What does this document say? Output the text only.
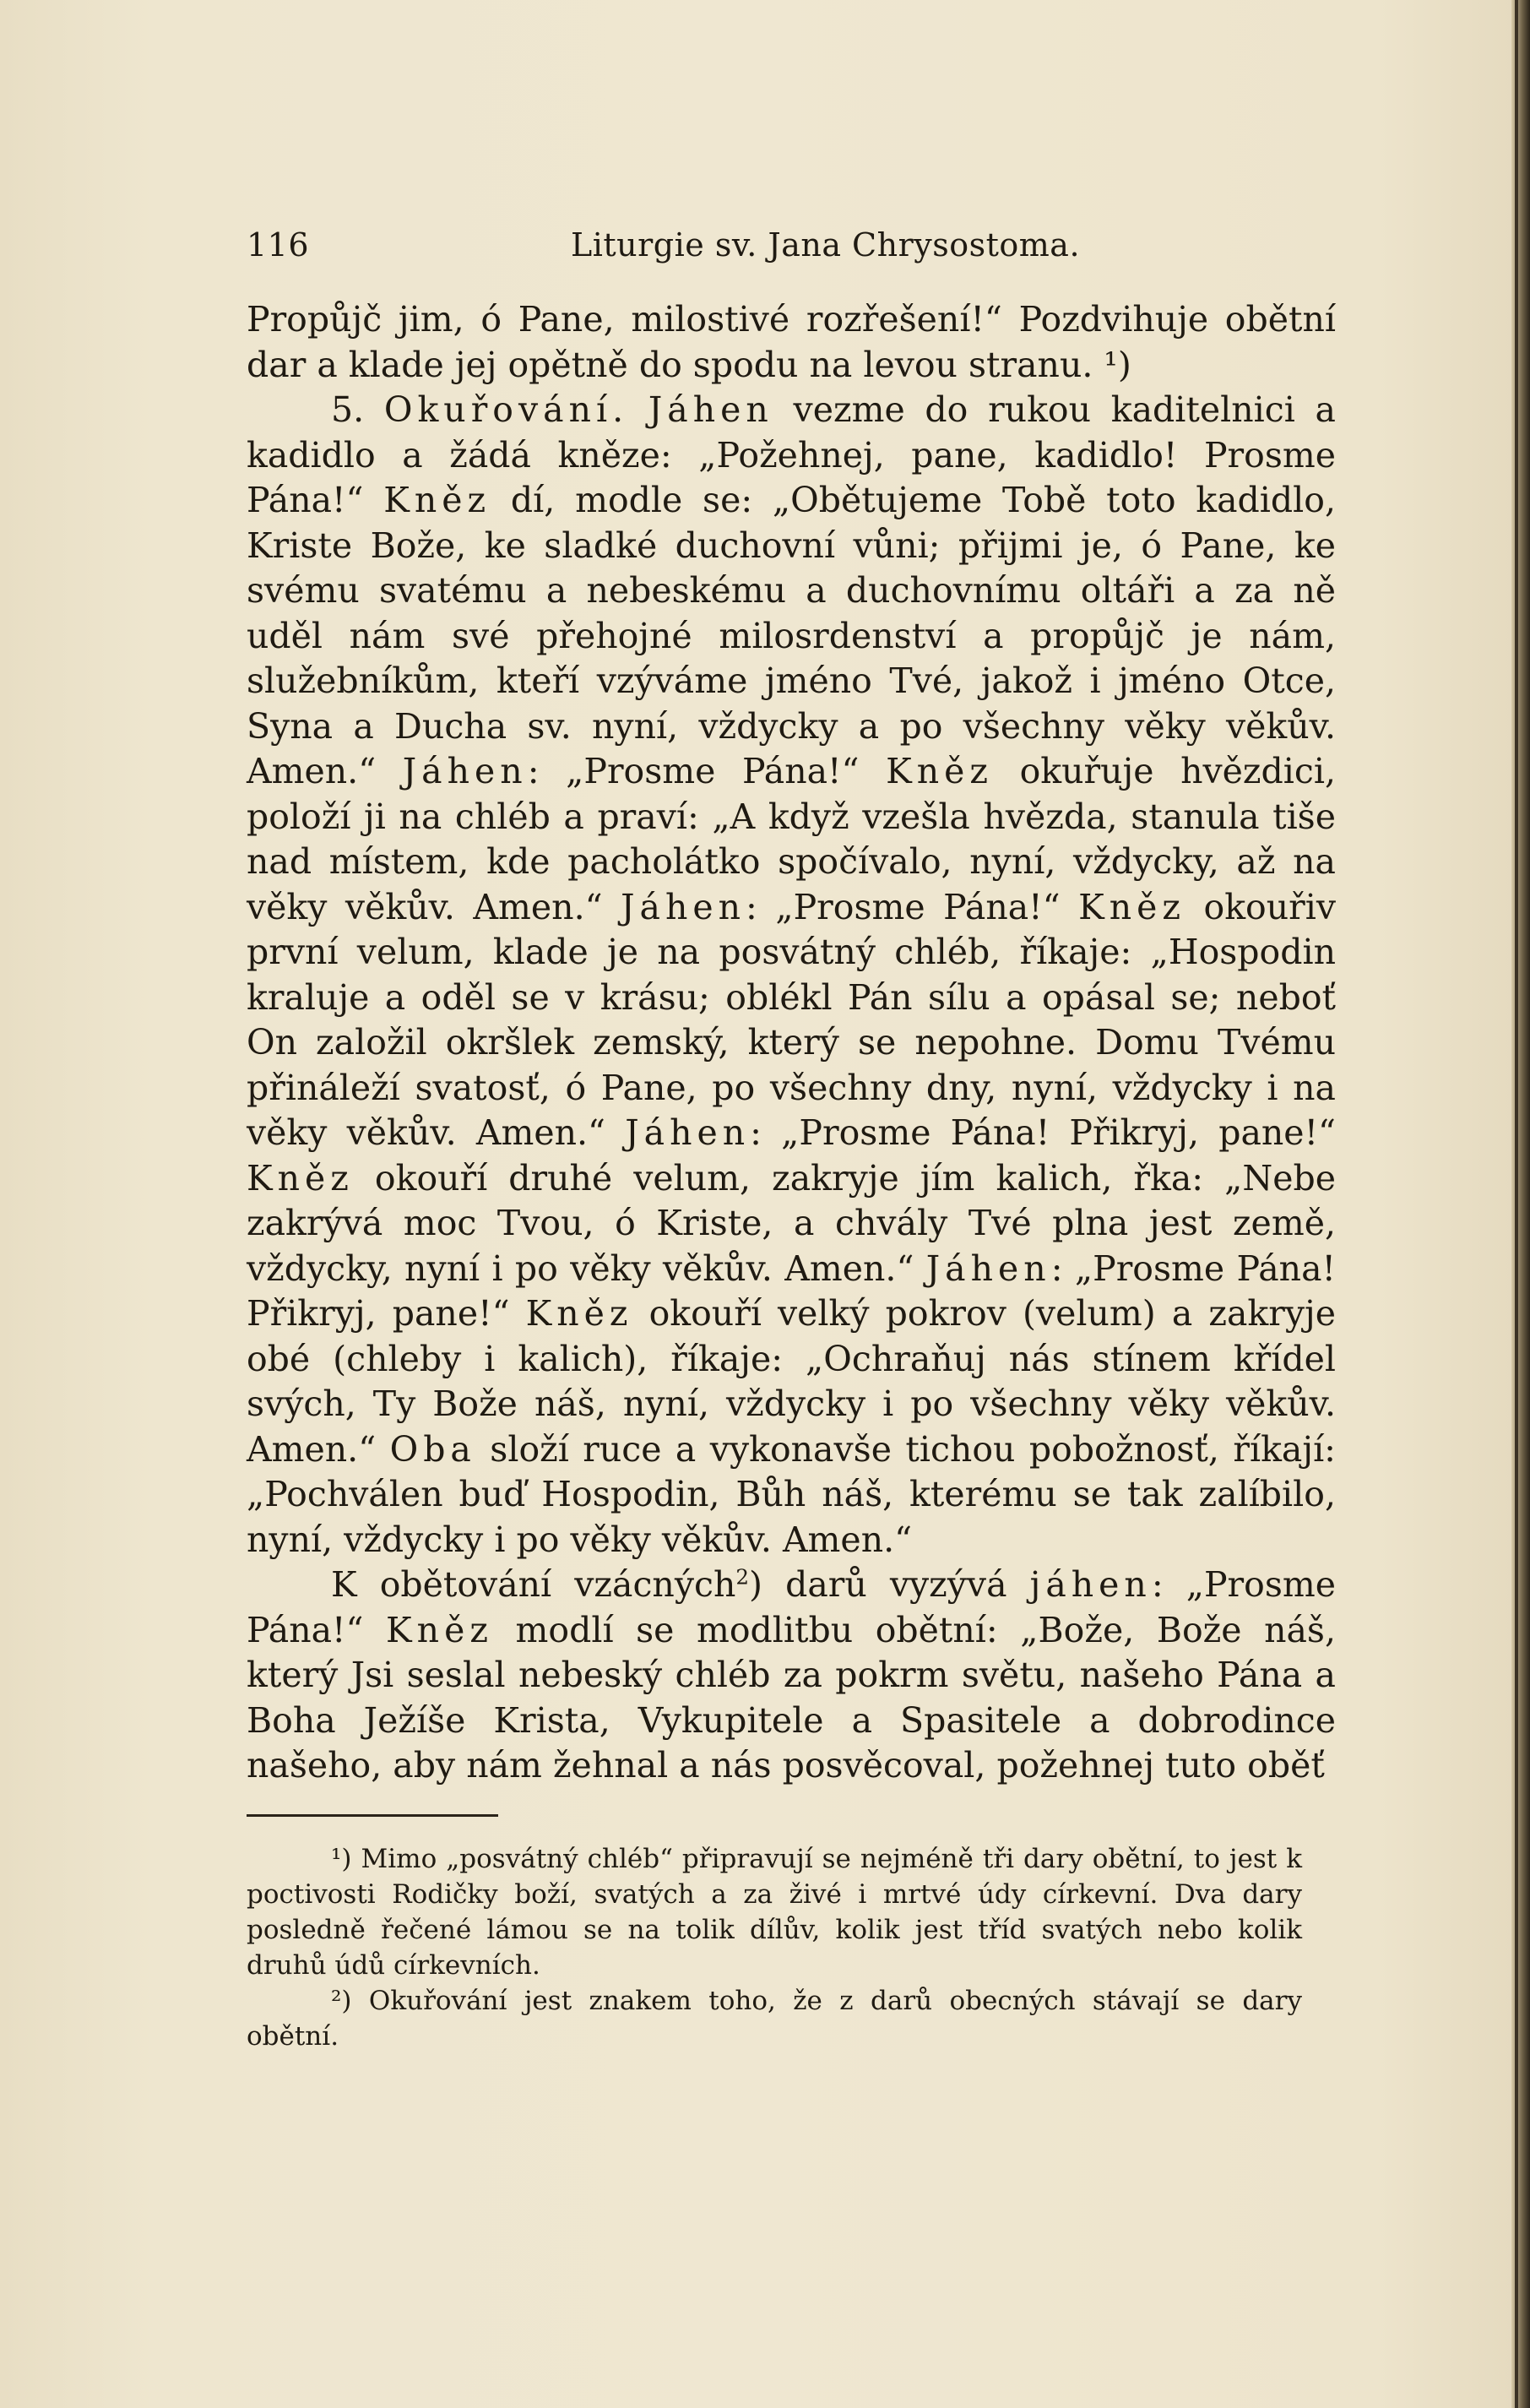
116	Liturgie sv. Jana Chrysostoma.

Propůjč jim, ó Pane, milostivé rozřešení!“ Pozdvihuje obětní dar a klade jej opětně do spodu na levou stranu. ¹)

5. Okuřování. Jáhen vezme do rukou kaditelnici a kadidlo a žádá kněze: „Požehnej, pane, kadidlo! Prosme Pána!“ Kněz dí, modle se: „Obětujeme Tobě toto kadidlo, Kriste Bože, ke sladké duchovní vůni; přijmi je, ó Pane, ke svému svatému a nebeskému a duchovnímu oltáři a za ně uděl nám své přehojné milosrdenství a propůjč je nám, služebníkům, kteří vzýváme jméno Tvé, jakož i jméno Otce, Syna a Ducha sv. nyní, vždycky a po všechny věky věkův. Amen.“ Jáhen: „Prosme Pána!“ Kněz okuřuje hvězdici, položí ji na chléb a praví: „A když vzešla hvězda, stanula tiše nad místem, kde pacholátko spočívalo, nyní, vždycky, až na věky věkův. Amen.“ Jáhen: „Prosme Pána!“ Kněz okouřiv první velum, klade je na posvátný chléb, říkaje: „Hospodin kraluje a oděl se v krásu; oblékl Pán sílu a opásal se; neboť On založil okršlek zemský, který se nepohne. Domu Tvému přináleží svatosť, ó Pane, po všechny dny, nyní, vždycky i na věky věkův. Amen.“ Jáhen: „Prosme Pána! Přikryj, pane!“ Kněz okouří druhé velum, zakryje jím kalich, řka: „Nebe zakrývá moc Tvou, ó Kriste, a chvály Tvé plna jest země, vždycky, nyní i po věky věkův. Amen.“ Jáhen: „Prosme Pána! Přikryj, pane!“ Kněz okouří velký pokrov (velum) a zakryje obé (chleby i kalich), říkaje: „Ochraňuj nás stínem křídel svých, Ty Bože náš, nyní, vždycky i po všechny věky věkův. Amen.“ Oba složí ruce a vykonavše tichou pobožnosť, říkají: „Pochválen buď Hospodin, Bůh náš, kterému se tak zalíbilo, nyní, vždycky i po věky věkův. Amen.“

K obětování vzácných$^2$) darů vyzývá jáhen: „Prosme Pána!“ Kněz modlí se modlitbu obětní: „Bože, Bože náš, který Jsi seslal nebeský chléb za pokrm světu, našeho Pána a Boha Ježíše Krista, Vykupitele a Spasitele a dobrodince našeho, aby nám žehnal a nás posvěcoval, požehnej tuto oběť

¹) Mimo „posvátný chléb“ připravují se nejméně tři dary obětní, to jest k poctivosti Rodičky boží, svatých a za živé i mrtvé údy církevní. Dva dary posledně řečené lámou se na tolik dílův, kolik jest tříd svatých nebo kolik druhů údů církevních.

²) Okuřování jest znakem toho, že z darů obecných stávají se dary obětní.
